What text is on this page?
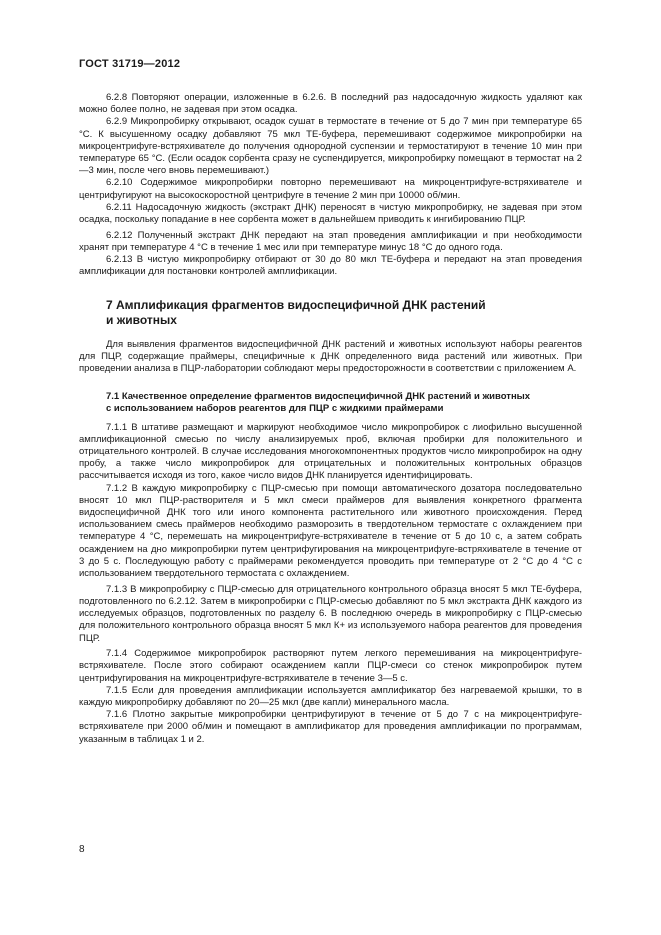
ГОСТ 31719—2012

6.2.8 Повторяют операции, изложенные в 6.2.6. В последний раз надосадочную жидкость удаляют как можно более полно, не задевая при этом осадка.

6.2.9 Микропробирку открывают, осадок сушат в термостате в течение от 5 до 7 мин при температуре 65 °С. К высушенному осадку добавляют 75 мкл ТЕ-буфера, перемешивают содержимое микропробирки на микроцентрифуге-встряхивателе до получения однородной суспензии и термостатируют в течение 10 мин при температуре 65 °С. (Если осадок сорбента сразу не суспендируется, микропробирку помещают в термостат на 2—3 мин, после чего вновь перемешивают.)

6.2.10 Содержимое микропробирки повторно перемешивают на микроцентрифуге-встряхивателе и центрифугируют на высокоскоростной центрифуге в течение 2 мин при 10000 об/мин.

6.2.11 Надосадочную жидкость (экстракт ДНК) переносят в чистую микропробирку, не задевая при этом осадка, поскольку попадание в нее сорбента может в дальнейшем приводить к ингибированию ПЦР.

6.2.12 Полученный экстракт ДНК передают на этап проведения амплификации и при необходимости хранят при температуре 4 °С в течение 1 мес или при температуре минус 18 °С до одного года.

6.2.13 В чистую микропробирку отбирают от 30 до 80 мкл ТЕ-буфера и передают на этап проведения амплификации для постановки контролей амплификации.

7 Амплификация фрагментов видоспецифичной ДНК растений
и животных

Для выявления фрагментов видоспецифичной ДНК растений и животных используют наборы реагентов для ПЦР, содержащие праймеры, специфичные к ДНК определенного вида растений или животных. При проведении анализа в ПЦР-лаборатории соблюдают меры предосторожности в соответствии с приложением А.

7.1 Качественное определение фрагментов видоспецифичной ДНК растений и животных
с использованием наборов реагентов для ПЦР с жидкими праймерами

7.1.1 В штативе размещают и маркируют необходимое число микропробирок с лиофильно высушенной амплификационной смесью по числу анализируемых проб, включая пробирки для положительного и отрицательного контролей. В случае исследования многокомпонентных продуктов число микропробирок на одну пробу, а также число микропробирок для отрицательных и положительных контрольных образцов рассчитывается исходя из того, какое число видов ДНК планируется идентифицировать.

7.1.2 В каждую микропробирку с ПЦР-смесью при помощи автоматического дозатора последовательно вносят 10 мкл ПЦР-растворителя и 5 мкл смеси праймеров для выявления конкретного фрагмента видоспецифичной ДНК того или иного компонента растительного или животного происхождения. Перед использованием смесь праймеров необходимо разморозить в твердотельном термостате с охлаждением при температуре 4 °С, перемешать на микроцентрифуге-встряхивателе в течение от 5 до 10 с, а затем собрать осаждением на дно микропробирки путем центрифугирования на микроцентрифуге-встряхивателе в течение от 3 до 5 с. Последующую работу с праймерами рекомендуется проводить при температуре от 2 °С до 4 °С с использованием твердотельного термостата с охлаждением.

7.1.3 В микропробирку с ПЦР-смесью для отрицательного контрольного образца вносят 5 мкл ТЕ-буфера, подготовленного по 6.2.12. Затем в микропробирки с ПЦР-смесью добавляют по 5 мкл экстракта ДНК каждого из исследуемых образцов, подготовленных по разделу 6. В последнюю очередь в микропробирку с ПЦР-смесью для положительного контрольного образца вносят 5 мкл К+ из используемого набора реагентов для проведения ПЦР.

7.1.4 Содержимое микропробирок растворяют путем легкого перемешивания на микроцентрифуге-встряхивателе. После этого собирают осаждением капли ПЦР-смеси со стенок микропробирок путем центрифугирования на микроцентрифуге-встряхивателе в течение 3—5 с.

7.1.5 Если для проведения амплификации используется амплификатор без нагреваемой крышки, то в каждую микропробирку добавляют по 20—25 мкл (две капли) минерального масла.

7.1.6 Плотно закрытые микропробирки центрифугируют в течение от 5 до 7 с на микроцентрифуге-встряхивателе при 2000 об/мин и помещают в амплификатор для проведения амплификации по программам, указанным в таблицах 1 и 2.

8
